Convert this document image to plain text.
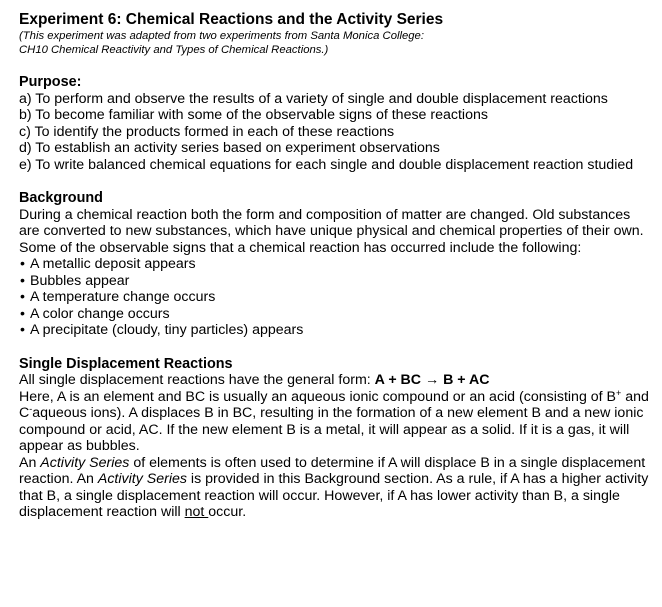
Experiment 6: Chemical Reactions and the Activity Series

(This experiment was adapted from two experiments from Santa Monica College:
CH10 Chemical Reactivity and Types of Chemical Reactions.)

Purpose:

a) To perform and observe the results of a variety of single and double displacement reactions

b) To become familiar with some of the observable signs of these reactions

c) To identify the products formed in each of these reactions

d) To establish an activity series based on experiment observations

e) To write balanced chemical equations for each single and double displacement reaction studied

Background

During a chemical reaction both the form and composition of matter are changed. Old substances are converted to new substances, which have unique physical and chemical properties of their own. Some of the observable signs that a chemical reaction has occurred include the following:

• A metallic deposit appears
• Bubbles appear
• A temperature change occurs
• A color change occurs
• A precipitate (cloudy, tiny particles) appears
Single Displacement Reactions

All single displacement reactions have the general form: A + BC → B + AC

Here, A is an element and BC is usually an aqueous ionic compound or an acid (consisting of B+ and C-aqueous ions). A displaces B in BC, resulting in the formation of a new element B and a new ionic compound or acid, AC. If the new element B is a metal, it will appear as a solid. If it is a gas, it will appear as bubbles.

An Activity Series of elements is often used to determine if A will displace B in a single displacement reaction. An Activity Series is provided in this Background section. As a rule, if A has a higher activity that B, a single displacement reaction will occur. However, if A has lower activity than B, a single displacement reaction will not occur.
